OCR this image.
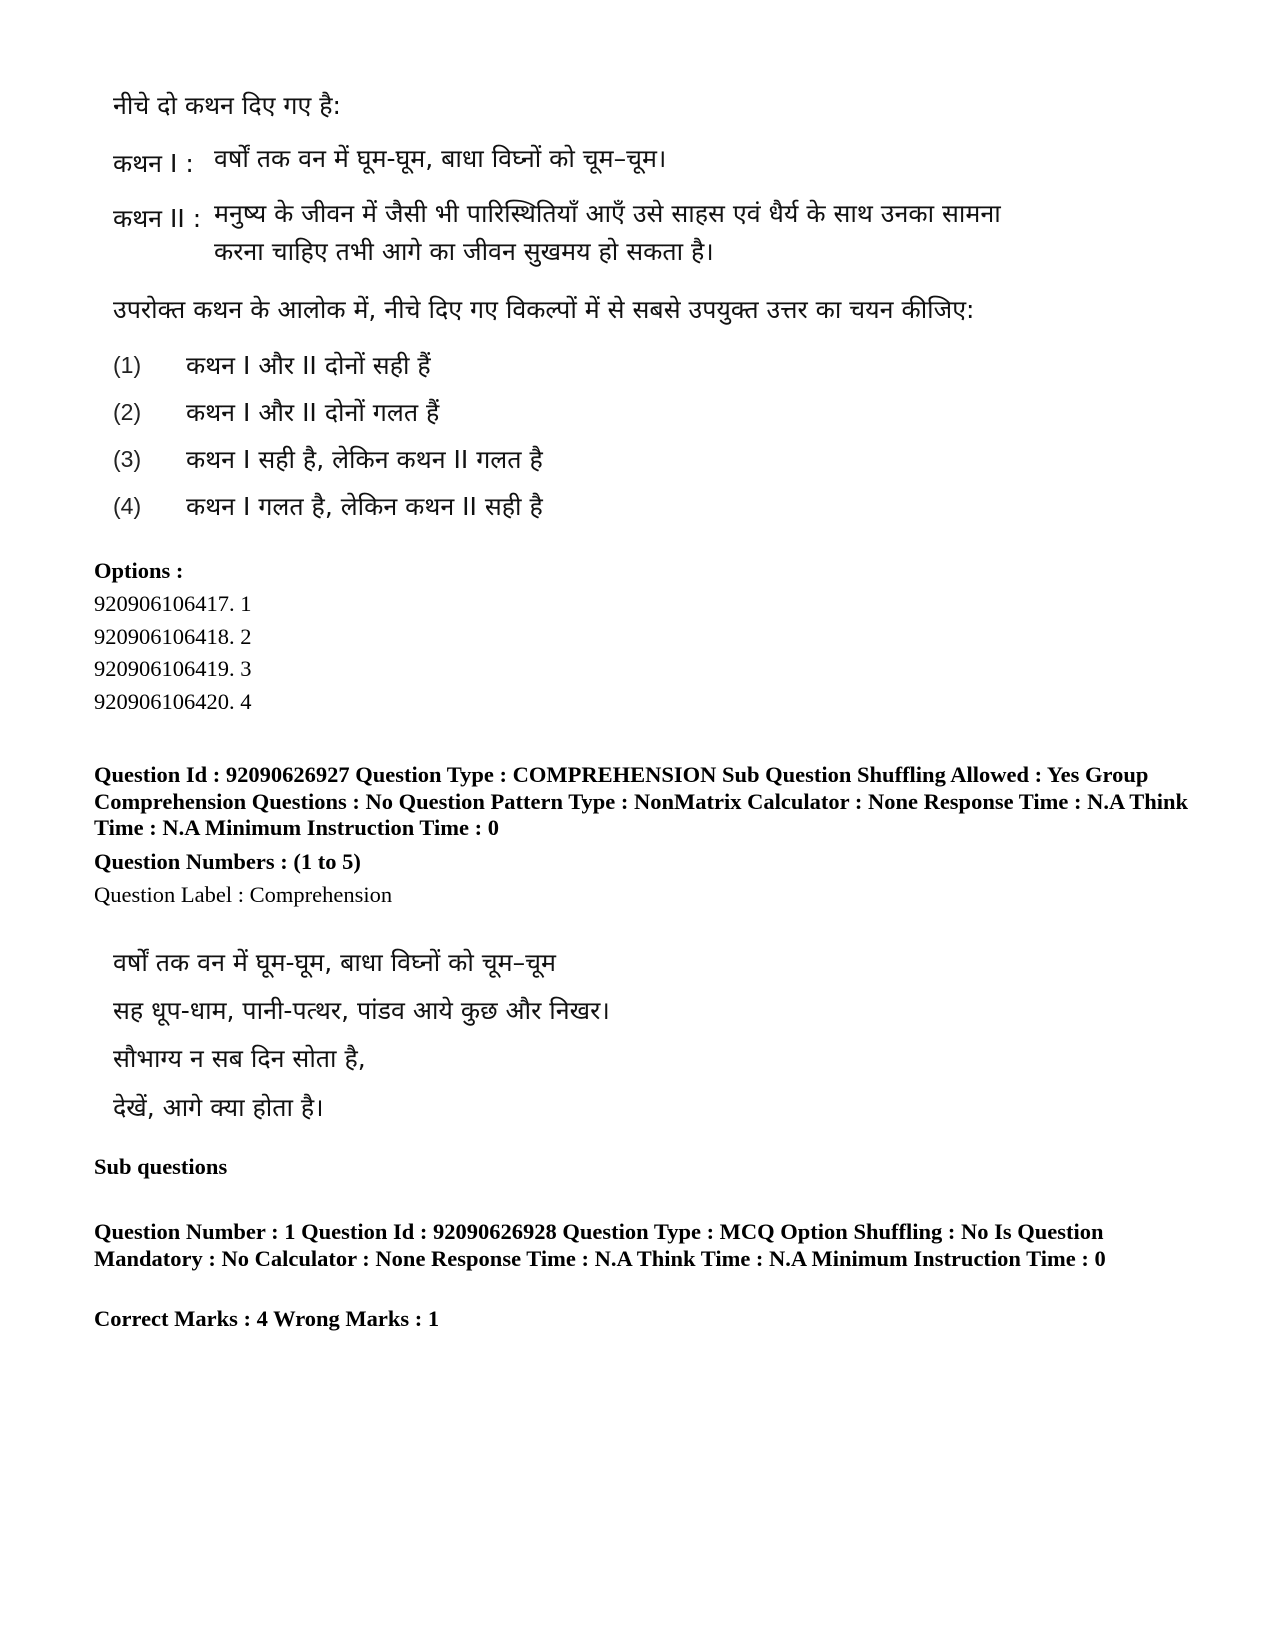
नीचे दो कथन दिए गए है:
कथन I : वर्षों तक वन में घूम-घूम, बाधा विघ्नों को चूम–चूम।
कथन II : मनुष्य के जीवन में जैसी भी पारिस्थितियाँ आएँ उसे साहस एवं धैर्य के साथ उनका सामना करना चाहिए तभी आगे का जीवन सुखमय हो सकता है।
उपरोक्त कथन के आलोक में, नीचे दिए गए विकल्पों में से सबसे उपयुक्त उत्तर का चयन कीजिए:
(1)	कथन I और II दोनों सही हैं
(2)	कथन I और II दोनों गलत हैं
(3)	कथन I सही है, लेकिन कथन II गलत है
(4)	कथन I गलत है, लेकिन कथन II सही है
Options :
920906106417. 1
920906106418. 2
920906106419. 3
920906106420. 4
Question Id : 92090626927 Question Type : COMPREHENSION Sub Question Shuffling Allowed : Yes Group Comprehension Questions : No Question Pattern Type : NonMatrix Calculator : None Response Time : N.A Think Time : N.A Minimum Instruction Time : 0
Question Numbers : (1 to 5)
Question Label : Comprehension
वर्षों तक वन में घूम-घूम, बाधा विघ्नों को चूम–चूम
सह धूप-धाम, पानी-पत्थर, पांडव आये कुछ और निखर।
सौभाग्य न सब दिन सोता है,
देखें, आगे क्या होता है।
Sub questions
Question Number : 1 Question Id : 92090626928 Question Type : MCQ Option Shuffling : No Is Question Mandatory : No Calculator : None Response Time : N.A Think Time : N.A Minimum Instruction Time : 0
Correct Marks : 4 Wrong Marks : 1
